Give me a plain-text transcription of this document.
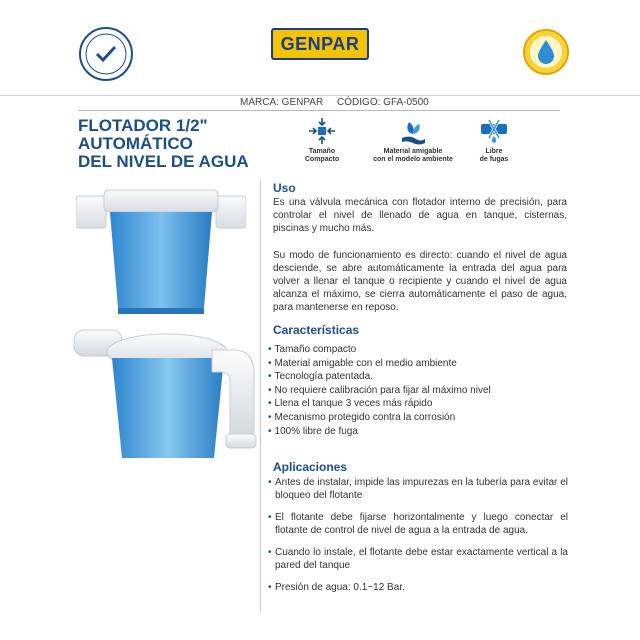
GENPAR
MARCA: GENPAR     CÓDIGO: GFA-0500
FLOTADOR 1/2"
AUTOMÁTICO
DEL NIVEL DE AGUA
Tamaño
Compacto
Material amigable
con el modelo ambiente
Libre
de fugas
Uso
Es una válvula mecánica con flotador interno de precisión, para controlar el nivel de llenado de agua en tanque, cisternas, piscinas y mucho más.
Su modo de funcionamiento es directo: cuando el nivel de agua desciende, se abre automáticamente la entrada del agua para volver a llenar el tanque o recipiente y cuando el nivel de agua alcanza el máximo, se cierra automáticamente el paso de agua, para mantenerse en reposo.
Características
• Tamaño compacto
• Material amigable con el medio ambiente
• Tecnología patentada.
• No requiere calibración para fijar al máximo nivel
• Llena el tanque 3 veces más rápido
• Mecanismo protegido contra la corrosión
• 100% libre de fuga
Aplicaciones
• Antes de instalar, impide las impurezas en la tubería para evitar el bloqueo del flotante
• El flotante debe fijarse horizontalmente y luego conectar el flotante de control de nivel de agua a la entrada de agua.
• Cuando lo instale, el flotante debe estar exactamente vertical a la pared del tanque
• Presión de agua: 0.1~12 Bar.
